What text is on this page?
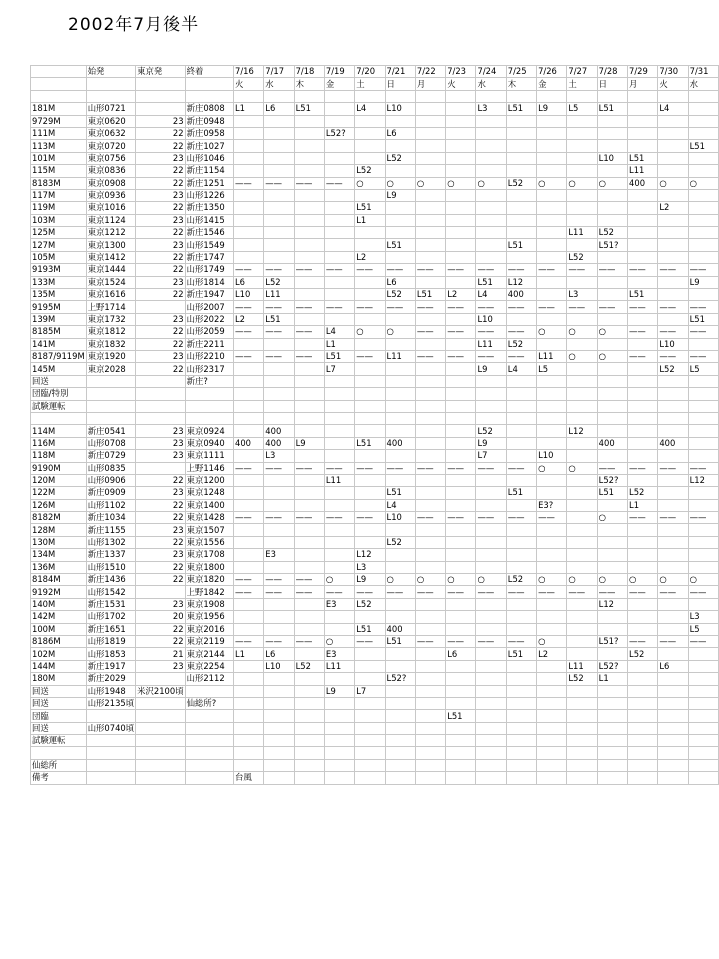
2002年7月後半
	始発	東京発	終着	7/16	7/17	7/18	7/19	7/20	7/21	7/22	7/23	7/24	7/25	7/26	7/27	7/28	7/29	7/30	7/31
				火	水	木	金	土	日	月	火	水	木	金	土	日	月	火	水

181M	山形0721		新庄0808	L1	L6	L51		L4	L10			L3	L51	L9	L5	L51		L4	
9729M	東京0620	23	新庄0948																
111M	東京0632	22	新庄0958				L52?		L6										
113M	東京0720	22	新庄1027																L51
101M	東京0756	23	山形1046						L52							L10	L51		
115M	東京0836	22	新庄1154					L52									L11		
8183M	東京0908	22	新庄1251	——	——	——	——	○	○	○	○	○	L52	○	○	○	400	○	○
117M	東京0936	23	山形1226						L9										
119M	東京1016	22	新庄1350					L51										L2	
103M	東京1124	23	山形1415					L1											
125M	東京1212	22	新庄1546												L11	L52			
127M	東京1300	23	山形1549						L51				L51			L51?			
105M	東京1412	22	新庄1747					L2							L52				
9193M	東京1444	22	山形1749	——	——	——	——	——	——	——	——	——	——	——	——	——	——	——	——
133M	東京1524	23	山形1814	L6	L52				L6			L51	L12						L9
135M	東京1616	22	新庄1947	L10	L11				L52	L51	L2	L4	400		L3		L51		
9195M	上野1714		山形2007	——	——	——	——	——	——	——	——	——	——	——	——	——	——	——	——
139M	東京1732	23	山形2022	L2	L51							L10							L51
8185M	東京1812	22	山形2059	——	——	——	L4	○	○	——	——	——	——	○	○	○	——	——	——
141M	東京1832	22	新庄2211				L1					L11	L52					L10	
8187/9119M	東京1920	23	山形2210	——	——	——	L51	——	L11	——	——	——	——	L11	○	○	——	——	——
145M	東京2028	22	山形2317				L7					L9	L4	L5				L52	L5
回送			新庄?																
団臨/特別																			
試験運転																			

114M	新庄0541	23	東京0924		400							L52			L12				
116M	山形0708	23	東京0940	400	400	L9		L51	400			L9				400		400	
118M	新庄0729	23	東京1111		L3							L7		L10					
9190M	山形0835		上野1146	——	——	——	——	——	——	——	——	——	——	○	○	——	——	——	——
120M	山形0906	22	東京1200				L11									L52?			L12
122M	新庄0909	23	東京1248						L51				L51			L51	L52		
126M	山形1102	22	東京1400						L4					E3?			L1		
8182M	新庄1034	22	東京1428	——	——	——	——	——	L10	——	——	——	——	——		○	——	——	——
128M	新庄1155	23	東京1507																
130M	山形1302	22	東京1556						L52										
134M	新庄1337	23	東京1708		E3			L12											
136M	山形1510	22	東京1800					L3											
8184M	新庄1436	22	東京1820	——	——	——	○	L9	○	○	○	○	L52	○	○	○	○	○	○
9192M	山形1542		上野1842	——	——	——	——	——	——	——	——	——	——	——	——	——	——	——	——
140M	新庄1531	23	東京1908				E3	L52								L12			
142M	山形1702	20	東京1956																L3
100M	新庄1651	22	東京2016					L51	400										L5
8186M	山形1819	22	東京2119	——	——	——	○	——	L51	——	——	——	——	○		L51?	——	——	——
102M	山形1853	21	東京2144	L1	L6		E3				L6		L51	L2			L52		
144M	新庄1917	23	東京2254		L10	L52	L11								L11	L52?		L6	
180M	新庄2029		山形2112						L52?						L52	L1			
回送	山形1948	米沢2100頃					L9	L7											
回送	山形2135頃		仙総所?																
団臨											L51								
回送	山形0740頃																		
試験運転																			

仙総所																			
備考				台風															
